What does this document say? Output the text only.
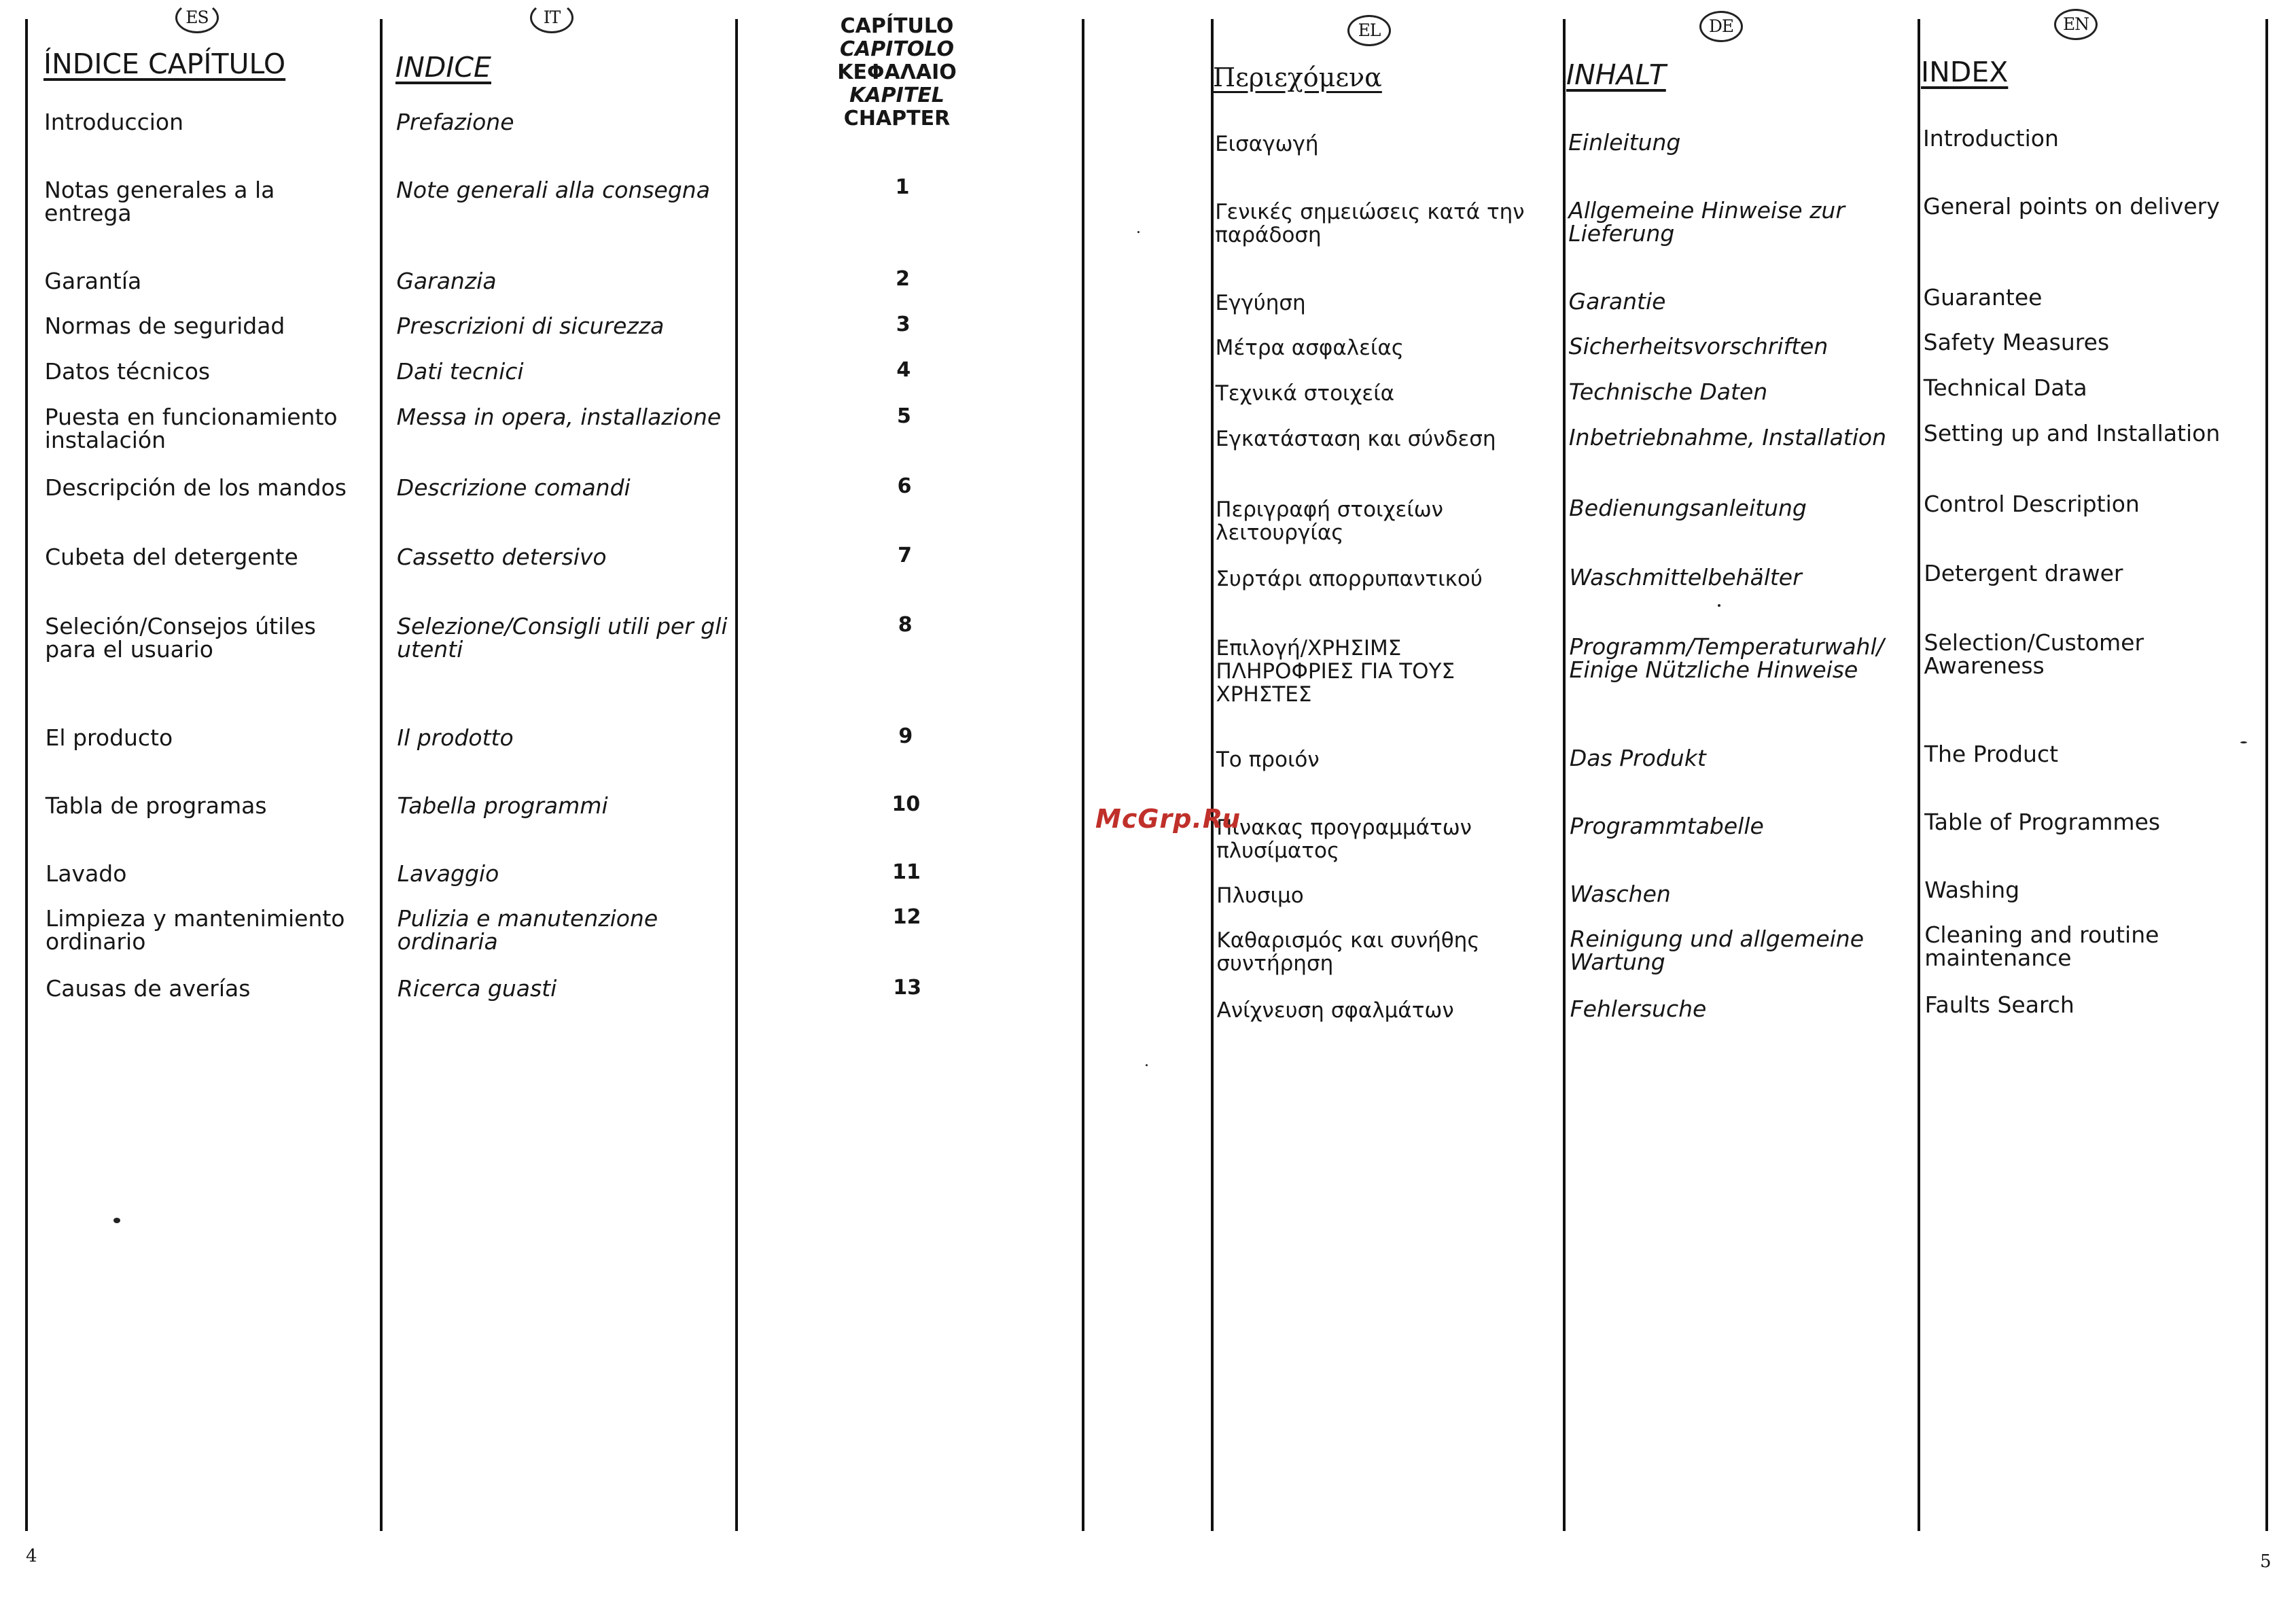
ES
ÍNDICE CAPÍTULO
Introduccion
Notas generales a la
entrega
Garantía
Normas de seguridad
Datos técnicos
Puesta en funcionamiento
instalación
Descripción de los mandos
Cubeta del detergente
Seleción/Consejos útiles
para el usuario
El producto
Tabla de programas
Lavado
Limpieza y mantenimiento
ordinario
Causas de averías
IT
INDICE
Prefazione
Note generali alla consegna
Garanzia
Prescrizioni di sicurezza
Dati tecnici
Messa in opera, installazione
Descrizione comandi
Cassetto detersivo
Selezione/Consigli utili per gli
utenti
Il prodotto
Tabella programmi
Lavaggio
Pulizia e manutenzione
ordinaria
Ricerca guasti
CAPÍTULO
CAPITOLO
ΚΕΦΑΛΑΙΟ
KAPITEL
CHAPTER
1
2
3
4
5
6
7
8
9
10
11
12
13
EL
Περιεχόμενα
Εισαγωγή
Γενικές σημειώσεις κατά την
παράδοση
Εγγύηση
Μέτρα ασφαλείας
Τεχνικά στοιχεία
Εγκατάσταση και σύνδεση
Περιγραφή στοιχείων
λειτουργίας
Συρτάρι απορρυπαντικού
Επιλογή/ΧΡΗΣΙΜΣ
ΠΛΗΡΟΦΡΙΕΣ ΓΙΑ ΤΟΥΣ
ΧΡΗΣΤΕΣ
Το προιόν
Πίνακας προγραμμάτων
πλυσίματος
Πλυσιμο
Καθαρισμός και συνήθης
συντήρηση
Ανίχνευση σφαλμάτων
DE
INHALT
Einleitung
Allgemeine Hinweise zur
Lieferung
Garantie
Sicherheitsvorschriften
Technische Daten
Inbetriebnahme, Installation
Bedienungsanleitung
Waschmittelbehälter
Programm/Temperaturwahl/
Einige Nützliche Hinweise
Das Produkt
Programmtabelle
Waschen
Reinigung und allgemeine
Wartung
Fehlersuche
EN
INDEX
Introduction
General points on delivery
Guarantee
Safety Measures
Technical Data
Setting up and Installation
Control Description
Detergent drawer
Selection/Customer
Awareness
The Product
Table of Programmes
Washing
Cleaning and routine
maintenance
Faults Search
4	5
McGrp.Ru
